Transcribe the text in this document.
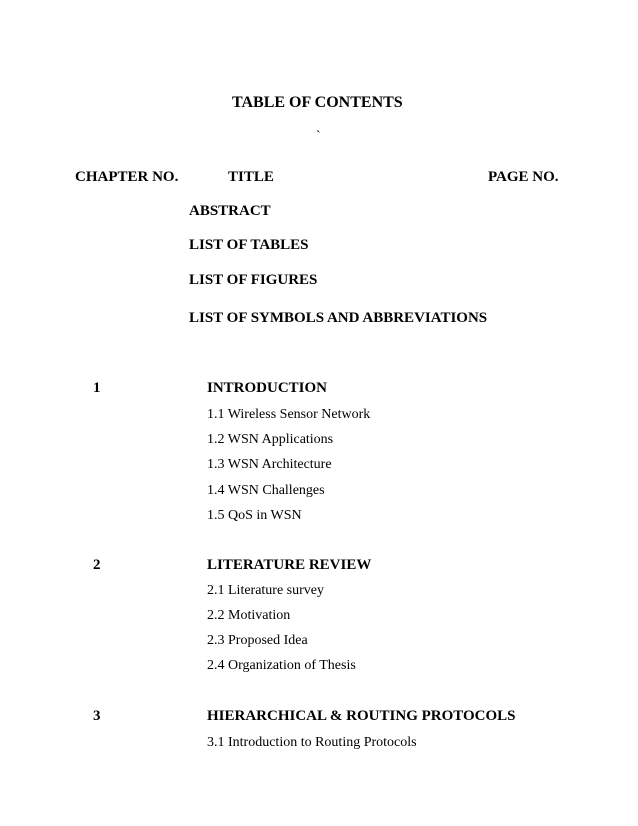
TABLE OF CONTENTS
`
CHAPTER NO.	TITLE	PAGE NO.
ABSTRACT
LIST OF TABLES
LIST OF FIGURES
LIST OF SYMBOLS AND ABBREVIATIONS
1	INTRODUCTION
1.1 Wireless Sensor Network
1.2 WSN Applications
1.3 WSN Architecture
1.4 WSN Challenges
1.5 QoS in WSN
2	LITERATURE REVIEW
2.1 Literature survey
2.2 Motivation
2.3 Proposed Idea
2.4 Organization of Thesis
3	HIERARCHICAL & ROUTING PROTOCOLS
3.1 Introduction to Routing Protocols
